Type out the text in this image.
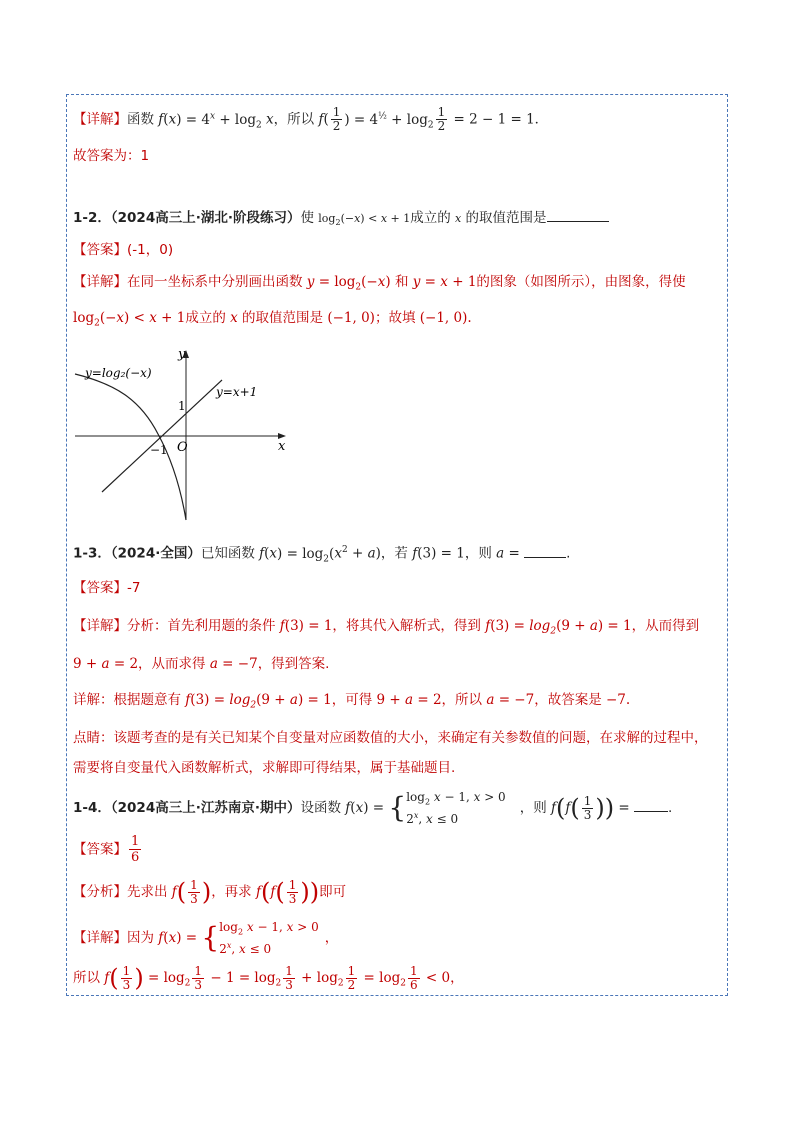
【详解】函数 $f(x) = 4^x + \log_2 x$，所以 $f( \frac{1}{2}$ ) = $4^{\frac{1}{2}} + \log_2 \frac{1}{2} = 2 - 1 = 1$．
故答案为：1
1-2．（2024高三上·湖北·阶段练习）使 $\log_2(-x) < x + 1$成立的 x 的取值范围是
【答案】(-1，0)
【详解】在同一坐标系中分别画出函数 $y = \log_2(-x)$ 和 y = x + 1的图象（如图所示），由图象，得使
$\log_2(-x) < x + 1$成立的 x 的取值范围是 (−1, 0)；故填 (−1, 0).
y=log₂(−x)
y=x+1
y
x
O
−1
1
1-3．（2024·全国）已知函数 $f(x) = \log_2(x^2 + a)$，若 f(3) = 1，则 a =	.
【答案】-7
【详解】分析：首先利用题的条件 f(3) = 1，将其代入解析式，得到 $f(3) = \log_2(9 + a) = 1$，从而得到
9 + a = 2，从而求得 a = −7，得到答案.
详解：根据题意有 $f(3) = \log_2(9 + a) = 1$，可得 9 + a = 2，所以 a = −7，故答案是 −7.
点睛：该题考查的是有关已知某个自变量对应函数值的大小，来确定有关参数值的问题，在求解的过程中，
需要将自变量代入函数解析式，求解即可得结果，属于基础题目.
1-4．（2024高三上·江苏南京·期中）设函数 f(x) = { $\log_2 x - 1$, x > 0
2$^x$, x ≤ 0
，则 $f(f( \frac{1}{3}$ )) =	.
【答案】 $\frac{1}{6}$
【分析】先求出 $f( \frac{1}{3}$ )，再求 $f(f( \frac{1}{3}$ ))即可
【详解】因为 f(x) = { $\log_2 x - 1$, x > 0
2$^x$, x ≤ 0
，
所以 $f( \frac{1}{3}$ ) = $\log_2 \frac{1}{3} - 1 = \log_2 \frac{1}{3} + \log_2 \frac{1}{2} = \log_2 \frac{1}{6} < 0$，
